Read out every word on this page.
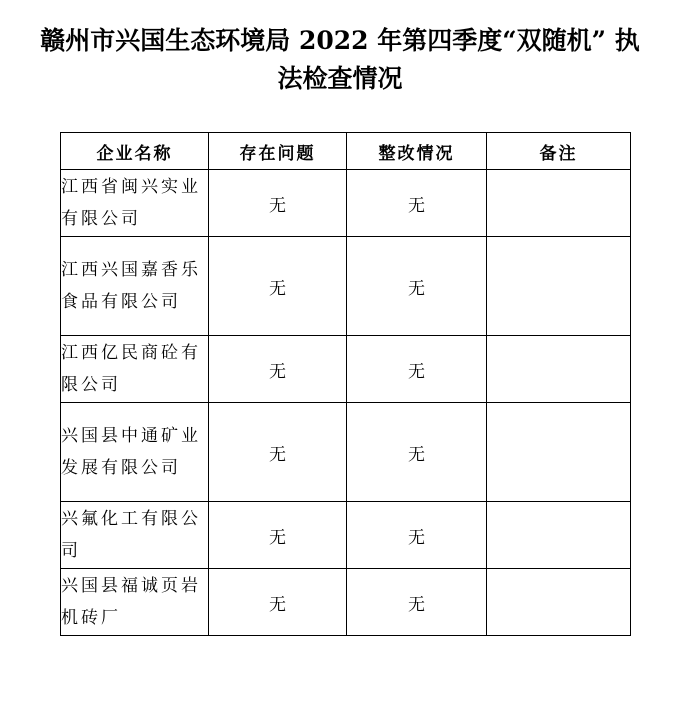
赣州市兴国生态环境局 2022 年第四季度“双随机” 执法检查情况
企业名称	存在问题	整改情况	备注
江西省闽兴实业有限公司	无	无	
江西兴国嘉香乐食品有限公司	无	无	
江西亿民商砼有限公司	无	无	
兴国县中通矿业发展有限公司	无	无	
兴氟化工有限公司	无	无	
兴国县福诚页岩机砖厂	无	无	
